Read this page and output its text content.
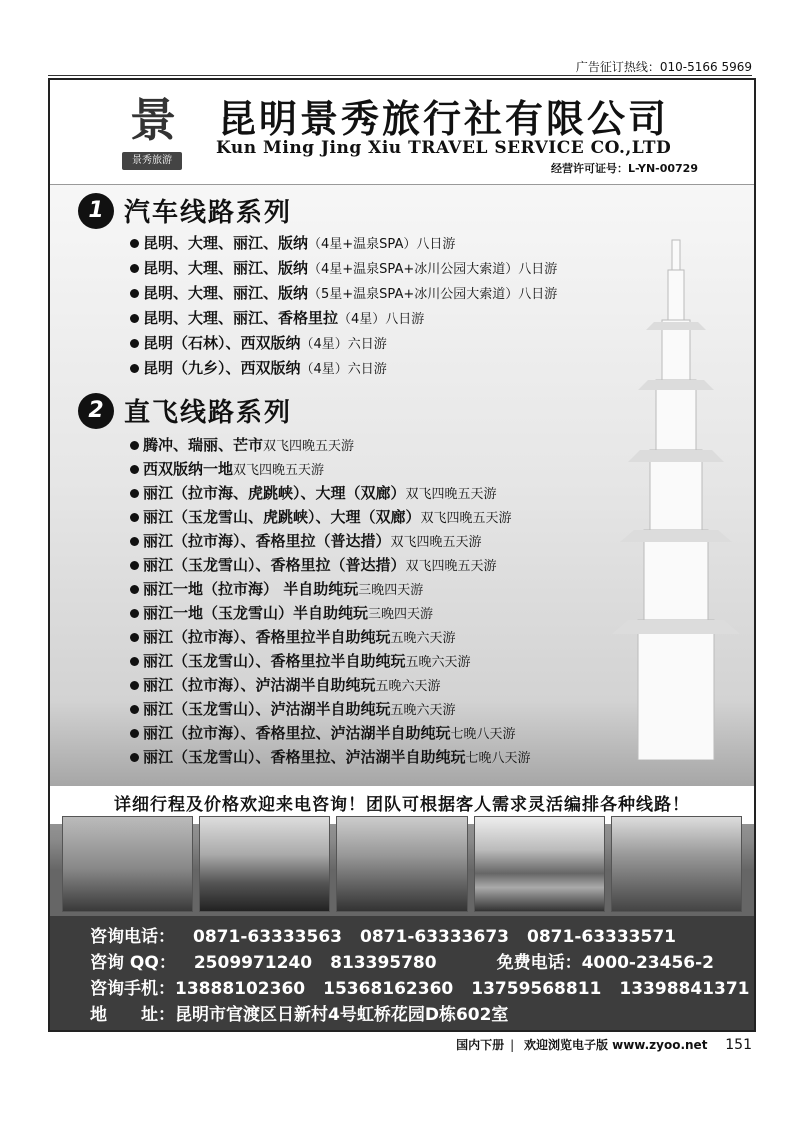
广告征订热线：010-5166 5969
景
景秀旅游
昆明景秀旅行社有限公司
Kun Ming Jing Xiu TRAVEL SERVICE CO.,LTD
经营许可证号：L-YN-00729
1 汽车线路系列
昆明、大理、丽江、版纳（4星+温泉SPA）八日游
昆明、大理、丽江、版纳（4星+温泉SPA+冰川公园大索道）八日游
昆明、大理、丽江、版纳（5星+温泉SPA+冰川公园大索道）八日游
昆明、大理、丽江、香格里拉（4星）八日游
昆明（石林）、西双版纳（4星）六日游
昆明（九乡）、西双版纳（4星）六日游
2 直飞线路系列
腾冲、瑞丽、芒市双飞四晚五天游
西双版纳一地双飞四晚五天游
丽江（拉市海、虎跳峡）、大理（双廊）双飞四晚五天游
丽江（玉龙雪山、虎跳峡）、大理（双廊）双飞四晚五天游
丽江（拉市海）、香格里拉（普达措）双飞四晚五天游
丽江（玉龙雪山）、香格里拉（普达措）双飞四晚五天游
丽江一地（拉市海） 半自助纯玩三晚四天游
丽江一地（玉龙雪山）半自助纯玩三晚四天游
丽江（拉市海）、香格里拉半自助纯玩五晚六天游
丽江（玉龙雪山）、香格里拉半自助纯玩五晚六天游
丽江（拉市海）、泸沽湖半自助纯玩五晚六天游
丽江（玉龙雪山）、泸沽湖半自助纯玩五晚六天游
丽江（拉市海）、香格里拉、泸沽湖半自助纯玩七晚八天游
丽江（玉龙雪山）、香格里拉、泸沽湖半自助纯玩七晚八天游
详细行程及价格欢迎来电咨询！团队可根据客人需求灵活编排各种线路！
咨询电话： 0871-63333563 0871-63333673 0871-63333571
咨询 QQ： 2509971240 813395780	免费电话：4000-23456-2
咨询手机：13888102360 15368162360 13759568811 13398841371
地　　址：昆明市官渡区日新村4号虹桥花园D栋602室
国内下册 | 欢迎浏览电子版 www.zyoo.net 151
